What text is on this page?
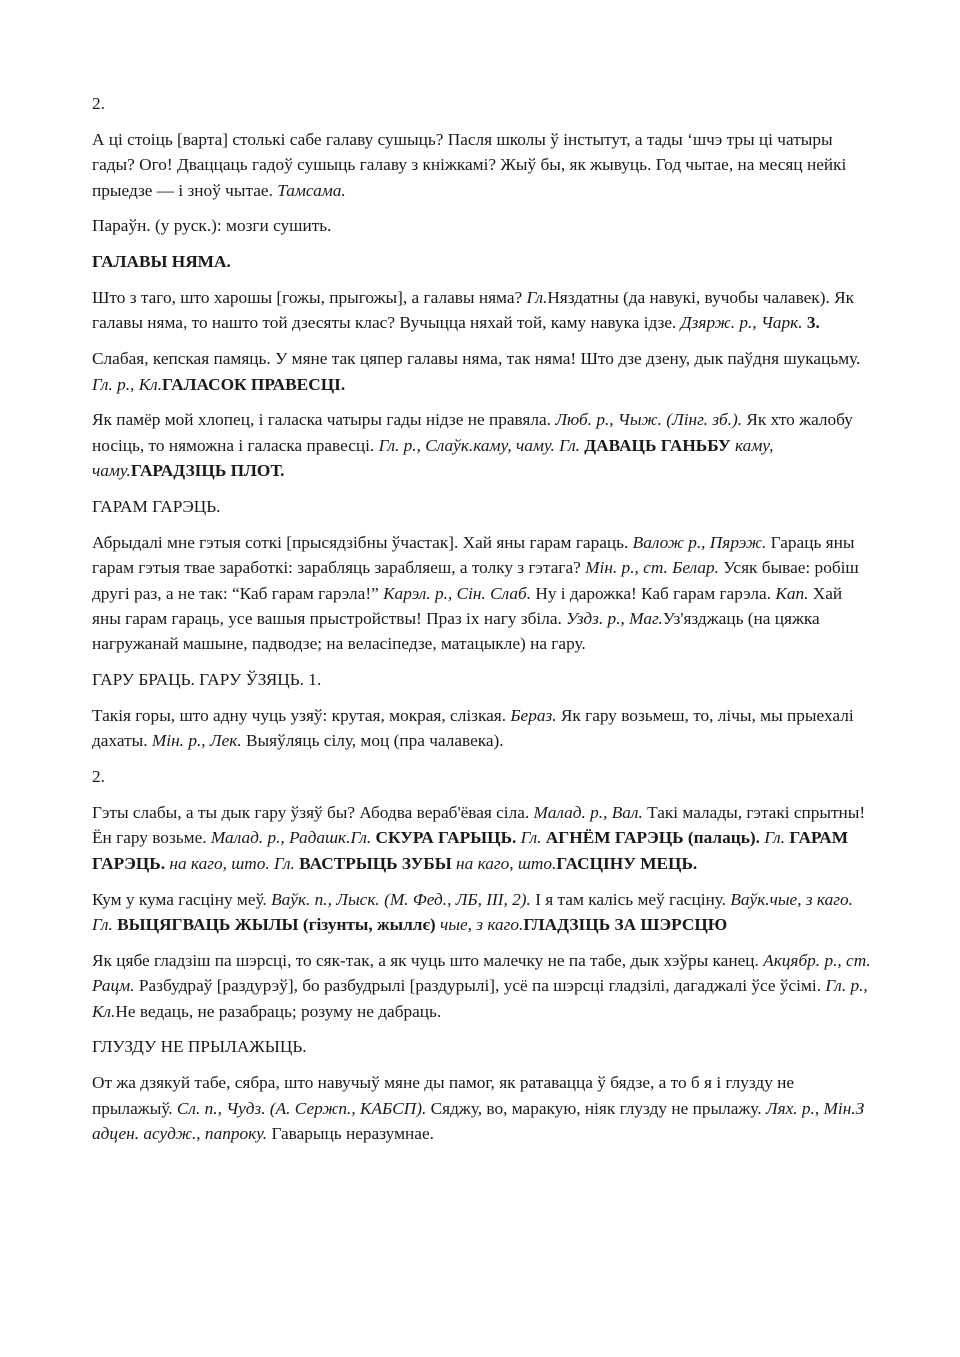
2.

А ці стоіць [варта] столькі сабе галаву сушыць? Пасля школы ў інстытут, а тады ‘шчэ тры ці чатыры гады? Ого! Дваццаць гадоў сушыць галаву з кніжкамі? Жыў бы, як жывуць. Год чытае, на месяц нейкі прыедзе — і зноў чытае. Тамсама.

Параўн. (у руск.): мозги сушить.

ГАЛАВЫ НЯМА.

Што з таго, што харошы [гожы, прыгожы], а галавы няма? Гл.Няздатны (да навукі, вучобы чалавек). Як галавы няма, то нашто той дзесяты клас? Вучыцца няхай той, каму навука ідзе. Дзярж. р., Чарк. 3.

Слабая, кепская памяць. У мяне так цяпер галавы няма, так няма! Што дзе дзену, дык паўдня шукацьму. Гл. р., Кл.ГАЛАСОК ПРАВЕСЦІ.

Як памёр мой хлопец, і галаска чатыры гады нідзе не правяла. Люб. р., Чыж. (Лінг. зб.). Як хто жалобу носіць, то няможна і галаска правесці. Гл. р., Слаўк.каму, чаму. Гл. ДАВАЦЬ ГАНЬБУ каму, чаму.ГАРАДЗІЦЬ ПЛОТ.

ГАРАМ ГАРЭЦЬ.

Абрыдалі мне гэтыя соткі [прысядзібны ўчастак]. Хай яны гарам гараць. Валож р., Пярэж. Гараць яны гарам гэтыя твае заработкі: зарабляць зарабляеш, а толку з гэтага? Мін. р., ст. Белар. Усяк бывае: робіш другі раз, а не так: “Каб гарам гарэла!” Карэл. р., Сін. Слаб. Ну і дарожка! Каб гарам гарэла. Кап. Хай яны гарам гараць, усе вашыя прыстройствы! Праз іх нагу збіла. Уздз. р., Маг.Уз'язджаць (на цяжка нагружанай машыне, падводзе; на веласіпедзе, матацыкле) на гару.

ГАРУ БРАЦЬ. ГАРУ ЎЗЯЦЬ. 1.

Такія горы, што адну чуць узяў: крутая, мокрая, слізкая. Бераз. Як гару возьмеш, то, лічы, мы прыехалі дахаты. Мін. р., Лек. Выяўляць сілу, моц (пра чалавека).

2.

Гэты слабы, а ты дык гару ўзяў бы? Абодва вераб'ёвая сіла. Малад. р., Вал. Такі малады, гэтакі спрытны! Ён гару возьме. Малад. р., Радашк.Гл. СКУРА ГАРЫЦЬ. Гл. АГНЁМ ГАРЭЦЬ (палаць). Гл. ГАРАМ ГАРЭЦЬ. на каго, што. Гл. ВАСТРЫЦЬ ЗУБЫ на каго, што.ГАСЦІНУ МЕЦЬ.

Кум у кума гасціну меў. Ваўк. п., Лыск. (М. Фед., ЛБ, III, 2). І я там калісь меў гасціну. Ваўк.чые, з каго. Гл. ВЫЦЯГВАЦЬ ЖЫЛЫ (гізунты, жыллє) чые, з каго.ГЛАДЗІЦЬ ЗА ШЭРСЦЮ

Як цябе гладзіш па шэрсці, то сяк-так, а як чуць што малечку не па табе, дык хэўры канец. Акцябр. р., ст. Рацм. Разбудраў [раздурэў], бо разбудрылі [раздурылі], усё па шэрсці гладзілі, дагаджалі ўсе ўсімі. Гл. р., Кл.Не ведаць, не разабраць; розуму не дабраць.

ГЛУЗДУ НЕ ПРЫЛАЖЫЦЬ.

От жа дзякуй табе, сябра, што навучыў мяне ды памог, як ратавацца ў бядзе, а то б я і глузду не прылажыў. Сл. п., Чудз. (А. Сержп., КАБСП). Сяджу, во, маракую, ніяк глузду не прылажу. Лях. р., Мін.З адцен. асудж., папроку. Гаварыць неразумнае.
